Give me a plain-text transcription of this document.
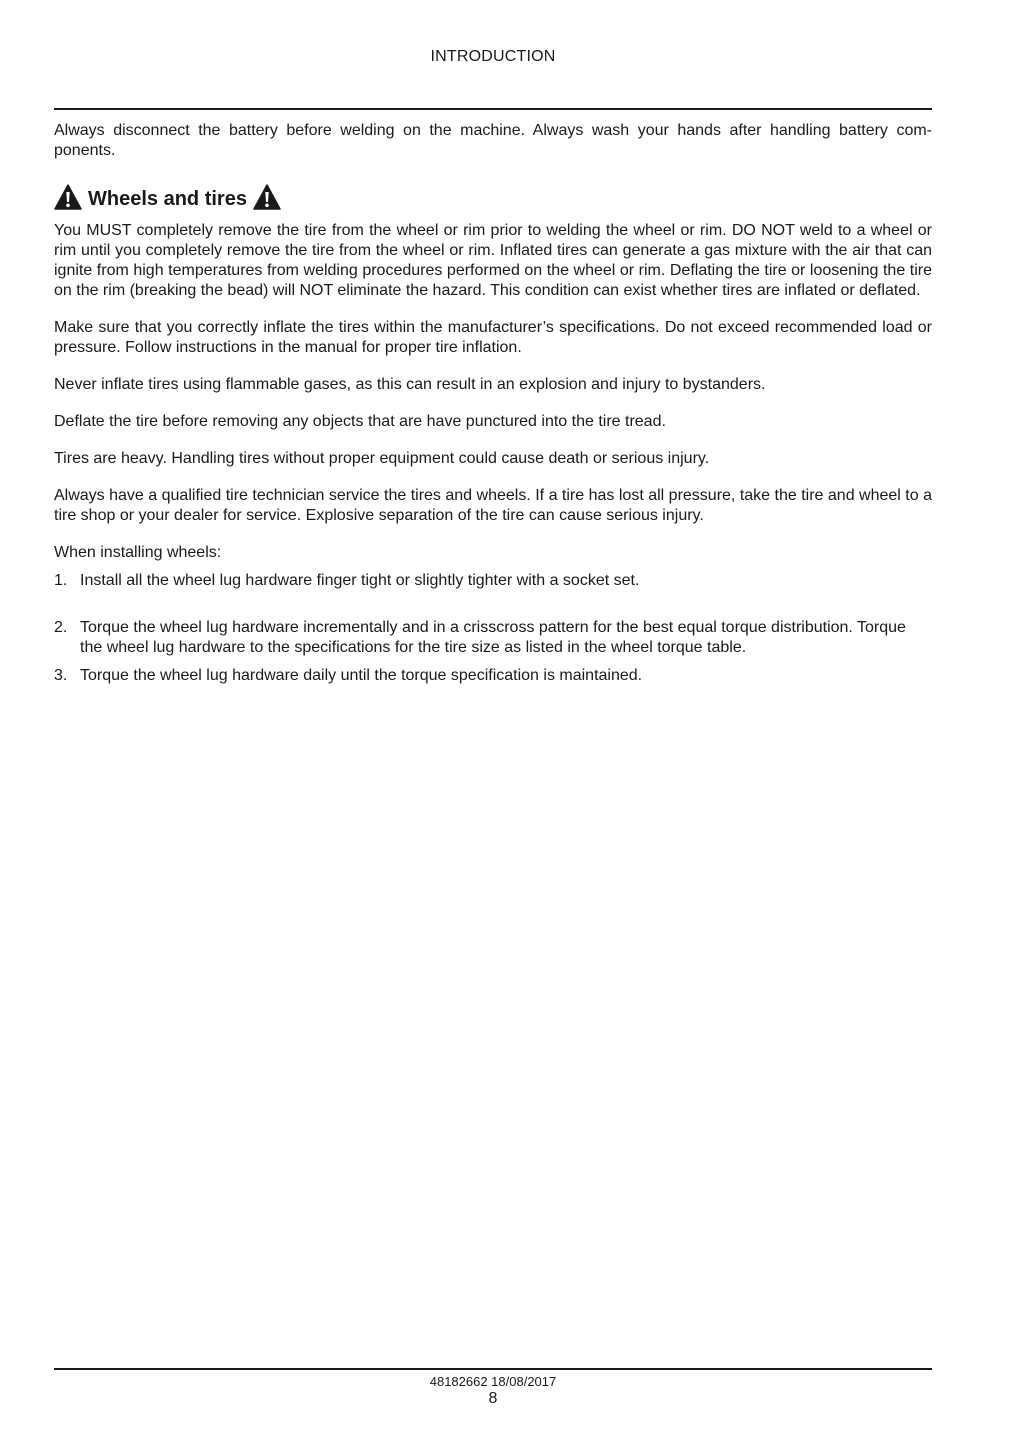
INTRODUCTION

Always disconnect the battery before welding on the machine. Always wash your hands after handling battery com- ponents.

Wheels and tires

You MUST completely remove the tire from the wheel or rim prior to welding the wheel or rim. DO NOT weld to a wheel or rim until you completely remove the tire from the wheel or rim. Inflated tires can generate a gas mixture with the air that can ignite from high temperatures from welding procedures performed on the wheel or rim. Deflating the tire or loosening the tire on the rim (breaking the bead) will NOT eliminate the hazard. This condition can exist whether tires are inflated or deflated.

Make sure that you correctly inflate the tires within the manufacturer’s specifications. Do not exceed recommended load or pressure. Follow instructions in the manual for proper tire inflation.

Never inflate tires using flammable gases, as this can result in an explosion and injury to bystanders.

Deflate the tire before removing any objects that are have punctured into the tire tread.

Tires are heavy. Handling tires without proper equipment could cause death or serious injury.

Always have a qualified tire technician service the tires and wheels. If a tire has lost all pressure, take the tire and wheel to a tire shop or your dealer for service. Explosive separation of the tire can cause serious injury.

When installing wheels:

1. Install all the wheel lug hardware finger tight or slightly tighter with a socket set.
2. Torque the wheel lug hardware incrementally and in a crisscross pattern for the best equal torque distribution. Torque the wheel lug hardware to the specifications for the tire size as listed in the wheel torque table.
3. Torque the wheel lug hardware daily until the torque specification is maintained.
48182662 18/08/2017
8
